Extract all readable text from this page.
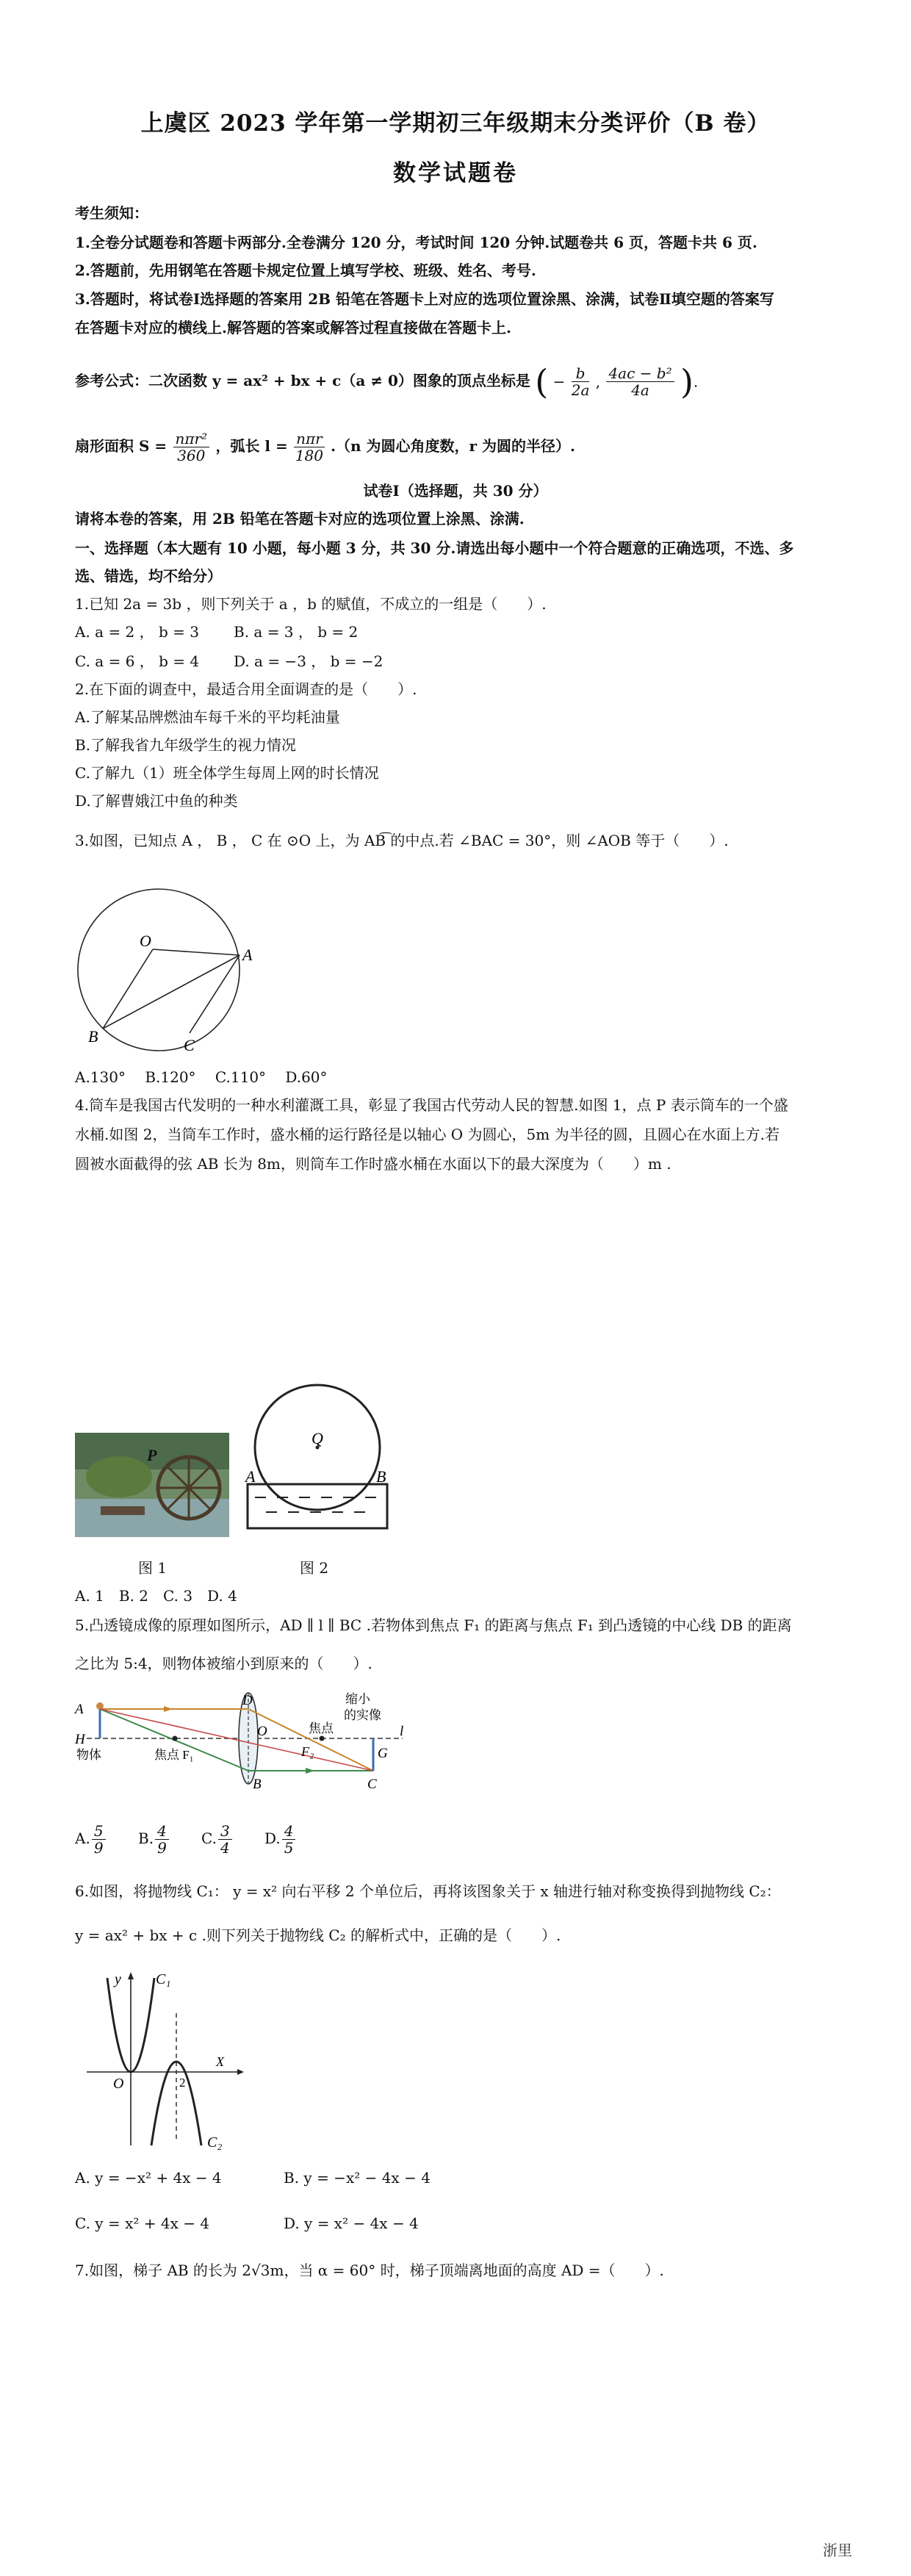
上虞区 2023 学年第一学期初三年级期末分类评价（B 卷）
数学试题卷
考生须知：
1.全卷分试题卷和答题卡两部分.全卷满分 120 分，考试时间 120 分钟.试题卷共 6 页，答题卡共 6 页.
2.答题前，先用钢笔在答题卡规定位置上填写学校、班级、姓名、考号.
3.答题时，将试卷Ⅰ选择题的答案用 2B 铅笔在答题卡上对应的选项位置涂黑、涂满，试卷Ⅱ填空题的答案写
在答题卡对应的横线上.解答题的答案或解答过程直接做在答题卡上.
参考公式：二次函数 y = ax² + bx + c（a ≠ 0）图象的顶点坐标是 ( − $\frac{b}{2a}$ , $\frac{\text{4ac − b²}}{4a}$ ).
扇形面积 $S = \frac{\text{nπr²}}{360}$ ，弧长 $l = \frac{\text{nπr}}{180} .(n$ 为圆心角度数，r 为圆的半径）.
试卷Ⅰ（选择题，共 30 分）
请将本卷的答案，用 2B 铅笔在答题卡对应的选项位置上涂黑、涂满.
一、选择题（本大题有 10 小题，每小题 3 分，共 30 分.请选出每小题中一个符合题意的正确选项，不选、多
选、错选，均不给分）
1.已知 2a = 3b ，则下列关于 a ，b 的赋值，不成立的一组是（　　）.
A. a = 2 ， b = 3 B. a = 3 ， b = 2
C. a = 6 ， b = 4 D. a = −3 ， b = −2
2.在下面的调查中，最适合用全面调查的是（　　）.
A.了解某品牌燃油车每千米的平均耗油量
B.了解我省九年级学生的视力情况
C.了解九（1）班全体学生每周上网的时长情况
D.了解曹娥江中鱼的种类
3.如图，已知点 A ， B ， C 在 ⊙O 上，为 AB͡ 的中点.若 ∠BAC = 30°，则 ∠AOB 等于（　　）.
O
A
B	C
A.130°　 B.120°　 C.110°　 D.60°
4.筒车是我国古代发明的一种水利灌溉工具，彰显了我国古代劳动人民的智慧.如图 1，点 P 表示筒车的一个盛
水桶.如图 2，当筒车工作时，盛水桶的运行路径是以轴心 O 为圆心，5m 为半径的圆，且圆心在水面上方.若
圆被水面截得的弦 AB 长为 8m，则筒车工作时盛水桶在水面以下的最大深度为（　　）m .
P
Q
A	B
图 1	图 2
A. 1　B. 2　C. 3　D. 4
5.凸透镜成像的原理如图所示，AD ∥ l ∥ BC .若物体到焦点 F₁ 的距离与焦点 F₁ 到凸透镜的中心线 DB 的距离
之比为 5:4，则物体被缩小到原来的（　　）.
A
D
H
O
B	C
G
l
物体	焦点 F₁
焦点
F₂
缩小
的实像
A. $\frac{5}{9} B$. $\frac{4}{9} C$. $\frac{3}{4} D$. $\frac{4}{5}$
6.如图，将抛物线 C₁： y = x² 向右平移 2 个单位后，再将该图象关于 x 轴进行轴对称变换得到抛物线 C₂：
y = ax² + bx + c .则下列关于抛物线 C₂ 的解析式中，正确的是（　　）.
y C₁
O	2
X
C₂
A. y = −x² + 4x − 4	B. y = −x² − 4x − 4
C. y = x² + 4x − 4	D. y = x² − 4x − 4
7.如图，梯子 AB 的长为 2√3m，当 α = 60° 时，梯子顶端离地面的高度 AD =（　　）.
浙里
